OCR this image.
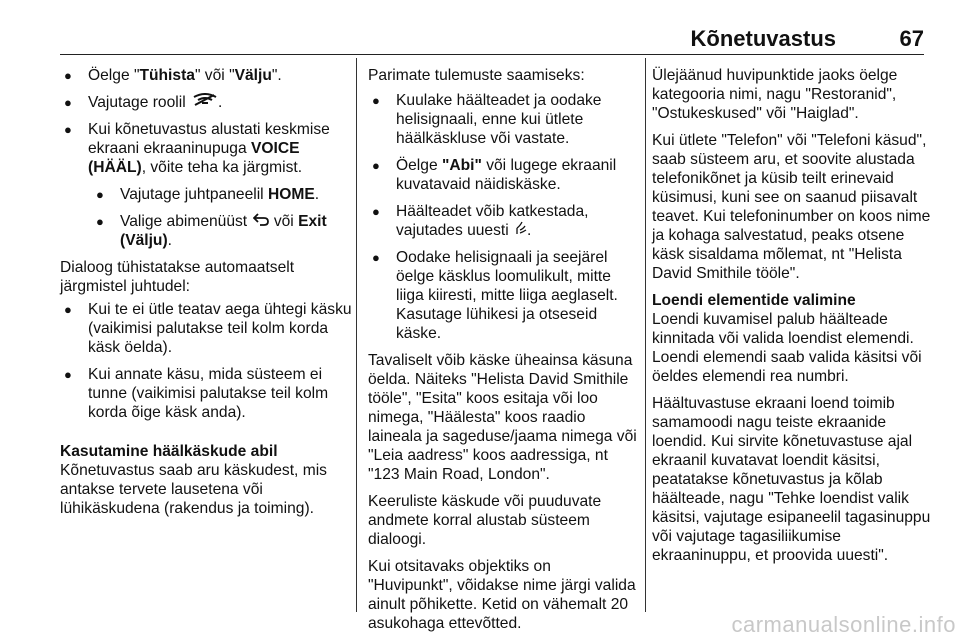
Kõnetuvastus	67
● Öelge "Tühista" või "Välju".
● Vajutage roolil .
● Kui kõnetuvastus alustati keskmise ekraani ekraaninupuga VOICE (HÄÄL), võite teha ka järgmist.
● Vajutage juhtpaneelil HOME.
● Valige abimenüüst  või Exit (Välju).

Dialoog tühistatakse automaatselt järgmistel juhtudel:

● Kui te ei ütle teatav aega ühtegi käsku (vaikimisi palutakse teil kolm korda käsk öelda).
● Kui annate käsu, mida süsteem ei tunne (vaikimisi palutakse teil kolm korda õige käsk anda).
Kasutamine häälkäskude abil

Kõnetuvastus saab aru käskudest, mis antakse tervete lausetena või lühikäskudena (rakendus ja toiming).

Parimate tulemuste saamiseks:

● Kuulake häälteadet ja oodake helisignaali, enne kui ütlete häälkäskluse või vastate.
● Öelge "Abi" või lugege ekraanil kuvatavaid näidiskäske.
● Häälteadet võib katkestada, vajutades uuesti .
● Oodake helisignaali ja seejärel öelge käsklus loomulikult, mitte liiga kiiresti, mitte liiga aeglaselt. Kasutage lühikesi ja otseseid käske.

Tavaliselt võib käske üheainsa käsuna öelda. Näiteks "Helista David Smithile tööle", "Esita" koos esitaja või loo nimega, "Häälesta" koos raadio laineala ja sageduse/jaama nimega või "Leia aadress" koos aadressiga, nt "123 Main Road, London".

Keeruliste käskude või puuduvate andmete korral alustab süsteem dialoogi.

Kui otsitavaks objektiks on "Huvipunkt", võidakse nime järgi valida ainult põhikette. Ketid on vähemalt 20 asukohaga ettevõtted.

Ülejäänud huvipunktide jaoks öelge kategooria nimi, nagu "Restoranid", "Ostukeskused" või "Haiglad".

Kui ütlete "Telefon" või "Telefoni käsud", saab süsteem aru, et soovite alustada telefonikõnet ja küsib teilt erinevaid küsimusi, kuni see on saanud piisavalt teavet. Kui telefoninumber on koos nime ja kohaga salvestatud, peaks otsene käsk sisaldama mõlemat, nt "Helista David Smithile tööle".

Loendi elementide valimine

Loendi kuvamisel palub häälteade kinnitada või valida loendist elemendi. Loendi elemendi saab valida käsitsi või öeldes elemendi rea numbri.

Häältuvastuse ekraani loend toimib samamoodi nagu teiste ekraanide loendid. Kui sirvite kõnetuvastuse ajal ekraanil kuvatavat loendit käsitsi, peatatakse kõnetuvastus ja kõlab häälteade, nagu "Tehke loendist valik käsitsi, vajutage esipaneelil tagasinuppu või vajutage tagasiliikumise ekraaninuppu, et proovida uuesti".

carmanualsonline.info
